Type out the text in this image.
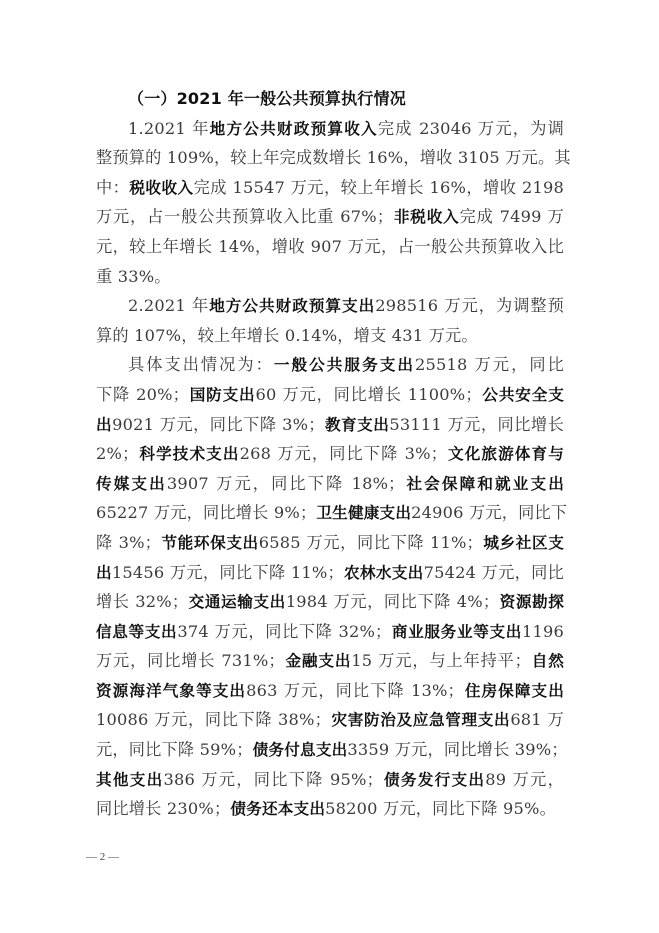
（一）2021 年一般公共预算执行情况
1.2021 年地方公共财政预算收入完成 23046 万元，为调
整预算的 109%，较上年完成数增长 16%，增收 3105 万元。其
中：税收收入完成 15547 万元，较上年增长 16%，增收 2198
万元，占一般公共预算收入比重 67%；非税收入完成 7499 万
元，较上年增长 14%，增收 907 万元，占一般公共预算收入比
重 33%。
2.2021 年地方公共财政预算支出298516 万元，为调整预
算的 107%，较上年增长 0.14%，增支 431 万元。
具体支出情况为：一般公共服务支出25518 万元，同比
下降 20%；国防支出60 万元，同比增长 1100%；公共安全支
出9021 万元，同比下降 3%；教育支出53111 万元，同比增长
2%；科学技术支出268 万元，同比下降 3%；文化旅游体育与
传媒支出3907 万元，同比下降 18%；社会保障和就业支出
65227 万元，同比增长 9%；卫生健康支出24906 万元，同比下
降 3%；节能环保支出6585 万元，同比下降 11%；城乡社区支
出15456 万元，同比下降 11%；农林水支出75424 万元，同比
增长 32%；交通运输支出1984 万元，同比下降 4%；资源勘探
信息等支出374 万元，同比下降 32%；商业服务业等支出1196
万元，同比增长 731%；金融支出15 万元，与上年持平；自然
资源海洋气象等支出863 万元，同比下降 13%；住房保障支出
10086 万元，同比下降 38%；灾害防治及应急管理支出681 万
元，同比下降 59%；债务付息支出3359 万元，同比增长 39%；
其他支出386 万元，同比下降 95%；债务发行支出89 万元，
同比增长 230%；债务还本支出58200 万元，同比下降 95%。
— 2 —
